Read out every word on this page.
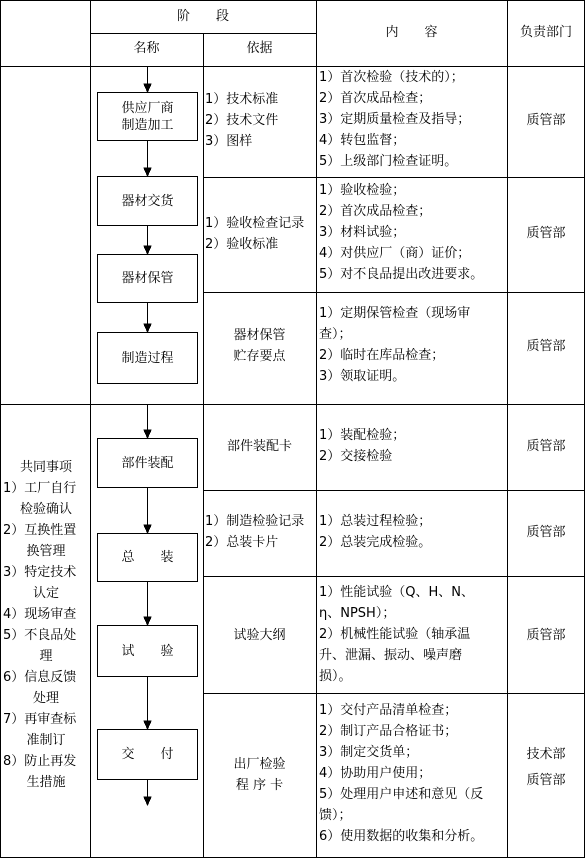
阶　　段
名称	依据
内　　容	负责部门
供应厂商
制造加工
器材交货
器材保管
制造过程
部件装配
总　　装
试　　验
交　　付
共同事项
1）工厂自行
检验确认
2）互换性置
换管理
3）特定技术
认定
4）现场审查
5）不良品处
理
6）信息反馈
处理
7）再审查标
准制订
8）防止再发
生措施
1）技术标准
2）技术文件
3）图样
1）首次检验（技术的）；
2）首次成品检查；
3）定期质量检查及指导；
4）转包监督；
5）上级部门检查证明。
质管部
1）验收检查记录
2）验收标准
1）验收检验；
2）首次成品检查；
3）材料试验；
4）对供应厂（商）证价；
5）对不良品提出改进要求。
质管部
器材保管
贮存要点
1）定期保管检查（现场审
查）；
2）临时在库品检查；
3）领取证明。
质管部
部件装配卡
1）装配检验；
2）交接检验
质管部
1）制造检验记录
2）总装卡片
1）总装过程检验；
2）总装完成检验。
质管部
试验大纲
1）性能试验（Q、H、N、
η、NPSH）；
2）机械性能试验（轴承温
升、泄漏、振动、噪声磨
损）。
质管部
出厂检验
程 序 卡
1）交付产品清单检查；
2）制订产品合格证书；
3）制定交货单；
4）协助用户使用；
5）处理用户申述和意见（反
馈）；
6）使用数据的收集和分析。
技术部
质管部
